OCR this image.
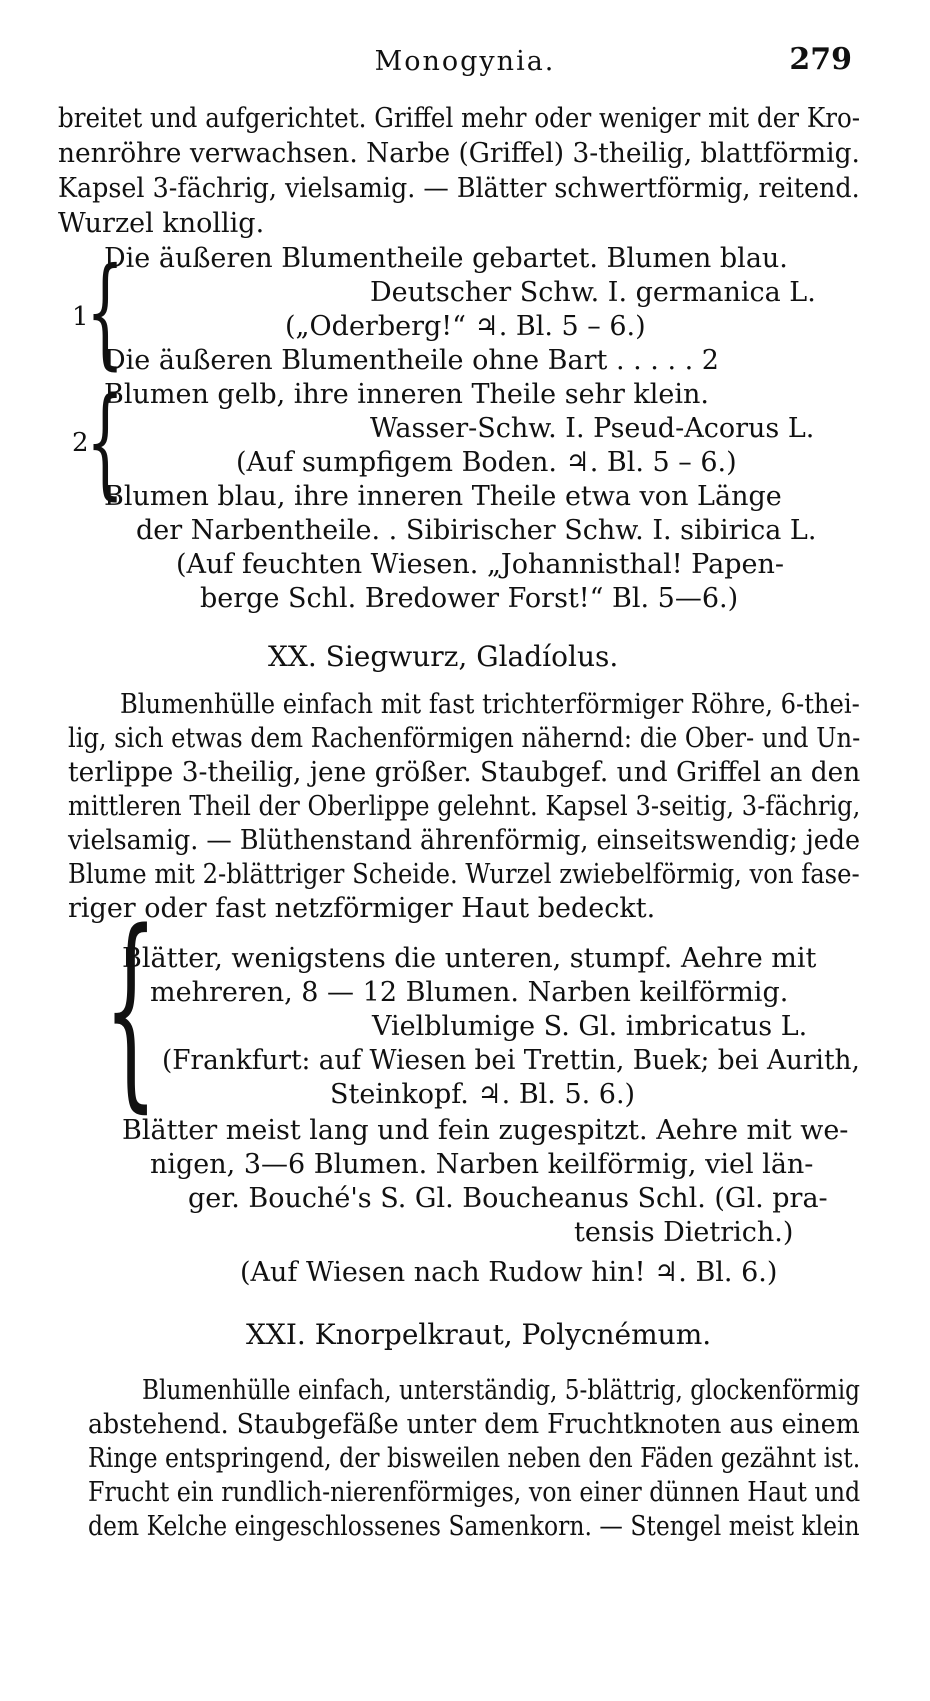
Monogynia.	279
breitet und aufgerichtet. Griffel mehr oder weniger mit der Kro-
nenröhre verwachsen. Narbe (Griffel) 3-theilig, blattförmig.
Kapsel 3-fächrig, vielsamig. — Blätter schwertförmig, reitend.
Wurzel knollig.
1
{
Die äußeren Blumentheile gebartet. Blumen blau.
Deutscher Schw. I. germanica L.
(„Oderberg!“ ♃. Bl. 5 – 6.)
Die äußeren Blumentheile ohne Bart . . . . . 2
2
{
Blumen gelb, ihre inneren Theile sehr klein.
Wasser-Schw. I. Pseud-Acorus L.
(Auf sumpfigem Boden. ♃. Bl. 5 – 6.)
Blumen blau, ihre inneren Theile etwa von Länge
der Narbentheile. . Sibirischer Schw. I. sibirica L.
(Auf feuchten Wiesen. „Johannisthal! Papen-
berge Schl. Bredower Forst!“ Bl. 5—6.)
XX. Siegwurz, Gladíolus.
Blumenhülle einfach mit fast trichterförmiger Röhre, 6-thei-
lig, sich etwas dem Rachenförmigen nähernd: die Ober- und Un-
terlippe 3-theilig, jene größer. Staubgef. und Griffel an den
mittleren Theil der Oberlippe gelehnt. Kapsel 3-seitig, 3-fächrig,
vielsamig. — Blüthenstand ährenförmig, einseitswendig; jede
Blume mit 2-blättriger Scheide. Wurzel zwiebelförmig, von fase-
riger oder fast netzförmiger Haut bedeckt.
{
Blätter, wenigstens die unteren, stumpf. Aehre mit
mehreren, 8 — 12 Blumen. Narben keilförmig.
Vielblumige S. Gl. imbricatus L.
(Frankfurt: auf Wiesen bei Trettin, Buek; bei Aurith,
Steinkopf. ♃. Bl. 5. 6.)
Blätter meist lang und fein zugespitzt. Aehre mit we-
nigen, 3—6 Blumen. Narben keilförmig, viel län-
ger. Bouché's S. Gl. Boucheanus Schl. (Gl. pra-
tensis Dietrich.)
(Auf Wiesen nach Rudow hin! ♃. Bl. 6.)
XXI. Knorpelkraut, Polycnémum.
Blumenhülle einfach, unterständig, 5-blättrig, glockenförmig
abstehend. Staubgefäße unter dem Fruchtknoten aus einem
Ringe entspringend, der bisweilen neben den Fäden gezähnt ist.
Frucht ein rundlich-nierenförmiges, von einer dünnen Haut und
dem Kelche eingeschlossenes Samenkorn. — Stengel meist klein
